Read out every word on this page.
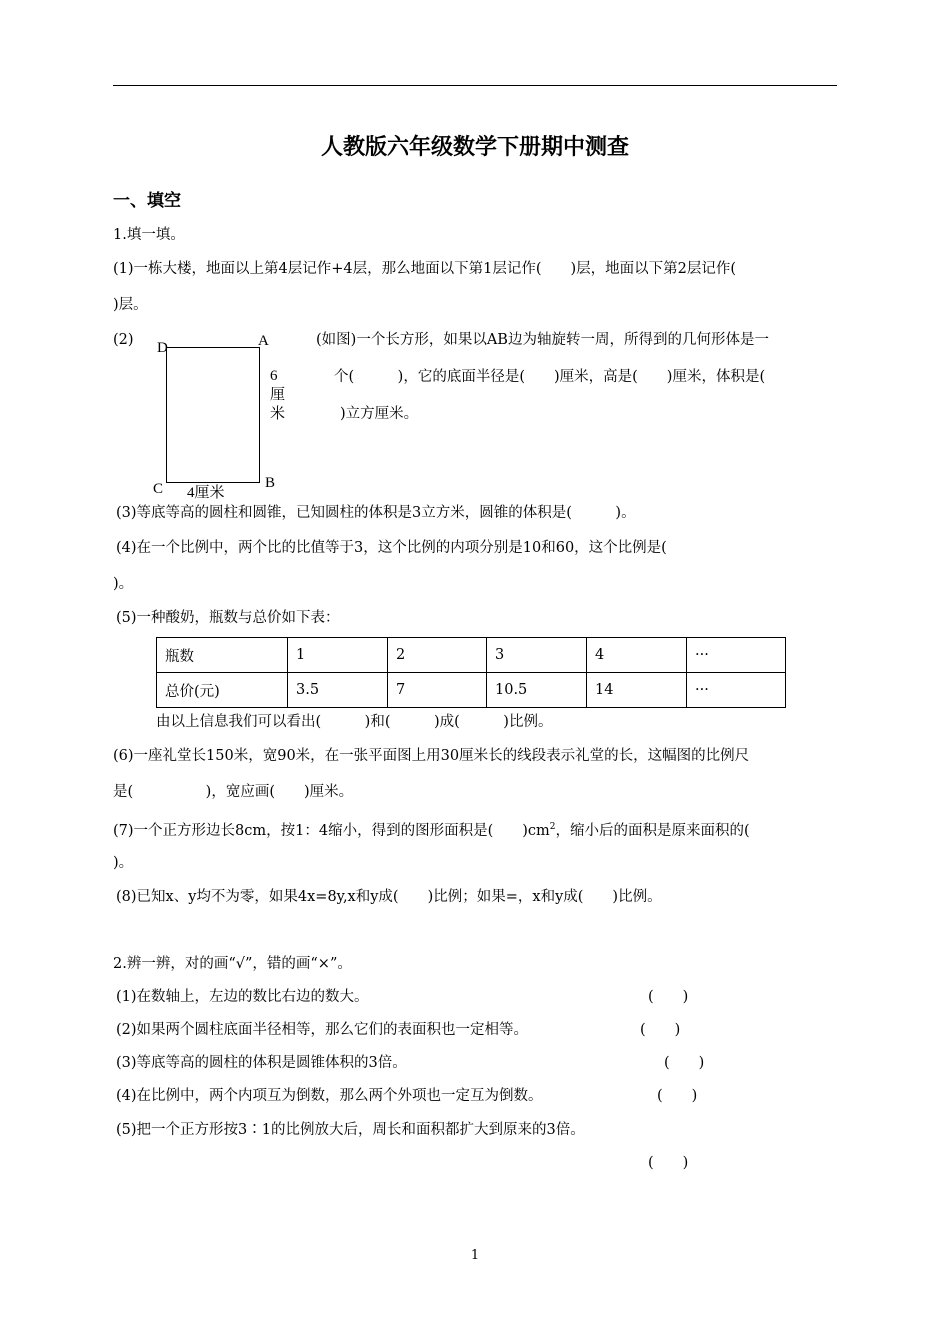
人教版六年级数学下册期中测查
一、填空
1.填一填。
(1)一栋大楼，地面以上第4层记作+4层，那么地面以下第1层记作(　　)层，地面以下第2层记作(
)层。
(2)	(如图)一个长方形，如果以AB边为轴旋转一周，所得到的几何形体是一
个(　　　)，它的底面半径是(　　)厘米，高是(　　)厘米，体积是(
)立方厘米。
D	A
C	B
6
厘
米
4厘米
(3)等底等高的圆柱和圆锥，已知圆柱的体积是3立方米，圆锥的体积是(　　　)。
(4)在一个比例中，两个比的比值等于3，这个比例的内项分别是10和60，这个比例是(
)。
(5)一种酸奶，瓶数与总价如下表：
瓶数	1	2	3	4	···
总价(元)	3.5	7	10.5	14	···
由以上信息我们可以看出(　　　)和(　　　)成(　　　)比例。
(6)一座礼堂长150米，宽90米，在一张平面图上用30厘米长的线段表示礼堂的长，这幅图的比例尺
是(　　　　　)，宽应画(　　)厘米。
(7)一个正方形边长8cm，按1：4缩小，得到的图形面积是(　　)$cm^2$，缩小后的面积是原来面积的(
)。
(8)已知x、y均不为零，如果4x=8y,x和y成(　　)比例；如果=，x和y成(　　)比例。
2.辨一辨，对的画“√”，错的画“×”。
(1)在数轴上，左边的数比右边的数大。	(　　)
(2)如果两个圆柱底面半径相等，那么它们的表面积也一定相等。	(　　)
(3)等底等高的圆柱的体积是圆锥体积的3倍。	(　　)
(4)在比例中，两个内项互为倒数，那么两个外项也一定互为倒数。	(　　)
(5)把一个正方形按3∶1的比例放大后，周长和面积都扩大到原来的3倍。
(　　)
1
